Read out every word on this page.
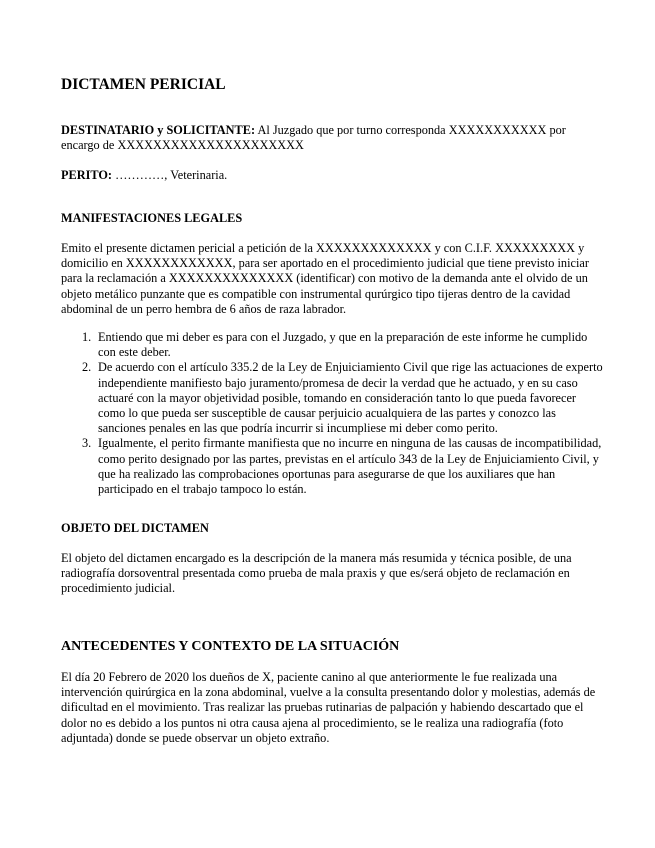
DICTAMEN PERICIAL

DESTINATARIO y SOLICITANTE: Al Juzgado que por turno corresponda XXXXXXXXXXX por encargo de XXXXXXXXXXXXXXXXXXXXX

PERITO: …………, Veterinaria.

MANIFESTACIONES LEGALES

Emito el presente dictamen pericial a petición de la XXXXXXXXXXXXX y con C.I.F. XXXXXXXXX y domicilio en XXXXXXXXXXXX, para ser aportado en el procedimiento judicial que tiene previsto iniciar para la reclamación a XXXXXXXXXXXXXX (identificar) con motivo de la demanda ante el olvido de un objeto metálico punzante que es compatible con instrumental qurúrgico tipo tijeras dentro de la cavidad abdominal de un perro hembra de 6 años de raza labrador.

1. Entiendo que mi deber es para con el Juzgado, y que en la preparación de este informe he cumplido con este deber.
2. De acuerdo con el artículo 335.2 de la Ley de Enjuiciamiento Civil que rige las actuaciones de experto independiente manifiesto bajo juramento/promesa de decir la verdad que he actuado, y en su caso actuaré con la mayor objetividad posible, tomando en consideración tanto lo que pueda favorecer como lo que pueda ser susceptible de causar perjuicio acualquiera de las partes y conozco las sanciones penales en las que podría incurrir si incumpliese mi deber como perito.
3. Igualmente, el perito firmante manifiesta que no incurre en ninguna de las causas de incompatibilidad, como perito designado por las partes, previstas en el artículo 343 de la Ley de Enjuiciamiento Civil, y que ha realizado las comprobaciones oportunas para asegurarse de que los auxiliares que han participado en el trabajo tampoco lo están.
OBJETO DEL DICTAMEN

El objeto del dictamen encargado es la descripción de la manera más resumida y técnica posible, de una radiografía dorsoventral presentada como prueba de mala praxis y que es/será objeto de reclamación en procedimiento judicial.

ANTECEDENTES Y CONTEXTO DE LA SITUACIÓN

El día 20 Febrero de 2020 los dueños de X, paciente canino al que anteriormente le fue realizada una intervención quirúrgica en la zona abdominal, vuelve a la consulta presentando dolor y molestias, además de dificultad en el movimiento. Tras realizar las pruebas rutinarias de palpación y habiendo descartado que el dolor no es debido a los puntos ni otra causa ajena al procedimiento, se le realiza una radiografía (foto adjuntada) donde se puede observar un objeto extraño.
